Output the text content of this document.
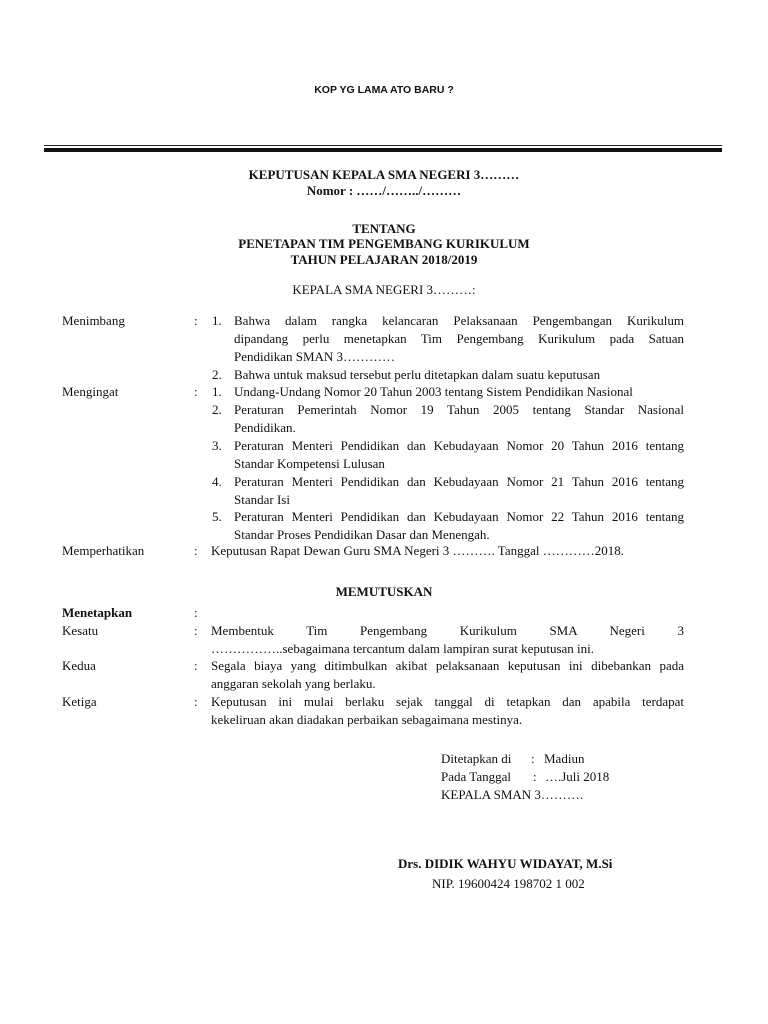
KOP YG LAMA ATO BARU ?
KEPUTUSAN KEPALA SMA NEGERI 3………
Nomor : ……/……../………
TENTANG
PENETAPAN TIM PENGEMBANG KURIKULUM
TAHUN PELAJARAN 2018/2019
KEPALA SMA NEGERI 3………:
Menimbang	: 1. Bahwa dalam rangka kelancaran Pelaksanaan Pengembangan Kurikulum
dipandang perlu menetapkan Tim Pengembang Kurikulum pada Satuan
Pendidikan SMAN 3…………
2. Bahwa untuk maksud tersebut perlu ditetapkan dalam suatu keputusan
Mengingat	: 1. Undang-Undang Nomor 20 Tahun 2003 tentang Sistem Pendidikan Nasional
2. Peraturan Pemerintah Nomor 19 Tahun 2005 tentang Standar Nasional
Pendidikan.
3. Peraturan Menteri Pendidikan dan Kebudayaan Nomor 20 Tahun 2016 tentang
Standar Kompetensi Lulusan
4. Peraturan Menteri Pendidikan dan Kebudayaan Nomor 21 Tahun 2016 tentang
Standar Isi
5. Peraturan Menteri Pendidikan dan Kebudayaan Nomor 22 Tahun 2016 tentang
Standar Proses Pendidikan Dasar dan Menengah.
Memperhatikan	: Keputusan Rapat Dewan Guru SMA Negeri 3 ………. Tanggal …………2018.
MEMUTUSKAN
Menetapkan	:
Kesatu	: Membentuk Tim Pengembang Kurikulum SMA Negeri 3
……………..sebagaimana tercantum dalam lampiran surat keputusan ini.
Kedua	: Segala biaya yang ditimbulkan akibat pelaksanaan keputusan ini dibebankan pada
anggaran sekolah yang berlaku.
Ketiga	: Keputusan ini mulai berlaku sejak tanggal di tetapkan dan apabila terdapat
kekeliruan akan diadakan perbaikan sebagaimana mestinya.
Ditetapkan di : Madiun
Pada Tanggal : ….Juli 2018
KEPALA SMAN 3……….
Drs. DIDIK WAHYU WIDAYAT, M.Si
NIP. 19600424 198702 1 002
